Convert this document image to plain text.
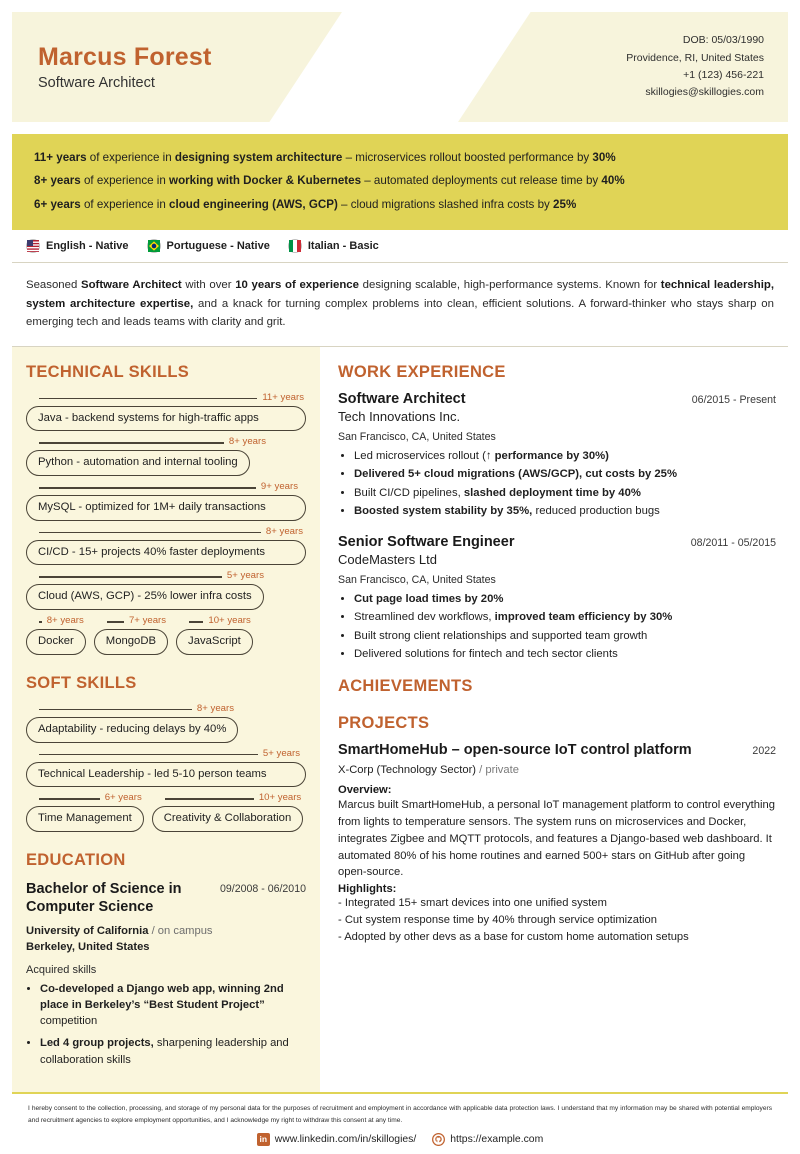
Marcus Forest
Software Architect
DOB: 05/03/1990
Providence, RI, United States
+1 (123) 456-221
skillogies@skillogies.com
11+ years of experience in designing system architecture – microservices rollout boosted performance by 30%
8+ years of experience in working with Docker & Kubernetes – automated deployments cut release time by 40%
6+ years of experience in cloud engineering (AWS, GCP) – cloud migrations slashed infra costs by 25%
English - Native	Portuguese - Native	Italian - Basic
Seasoned Software Architect with over 10 years of experience designing scalable, high-performance systems. Known for technical leadership, system architecture expertise, and a knack for turning complex problems into clean, efficient solutions. A forward-thinker who stays sharp on emerging tech and leads teams with clarity and grit.
TECHNICAL SKILLS
11+ years
Java - backend systems for high-traffic apps
8+ years
Python - automation and internal tooling
9+ years
MySQL - optimized for 1M+ daily transactions
8+ years
CI/CD - 15+ projects 40% faster deployments
5+ years
Cloud (AWS, GCP) - 25% lower infra costs
8+ years
Docker
7+ years
MongoDB
10+ years
JavaScript
SOFT SKILLS
8+ years
Adaptability - reducing delays by 40%
5+ years
Technical Leadership - led 5-10 person teams
6+ years
Time Management
10+ years
Creativity & Collaboration
EDUCATION
Bachelor of Science in Computer Science
09/2008 - 06/2010
University of California / on campus
Berkeley, United States
Acquired skills
• Co-developed a Django web app, winning 2nd place in Berkeley’s “Best Student Project” competition
• Led 4 group projects, sharpening leadership and collaboration skills
WORK EXPERIENCE
Software Architect	06/2015 - Present
Tech Innovations Inc.
San Francisco, CA, United States
• Led microservices rollout (↑ performance by 30%)
• Delivered 5+ cloud migrations (AWS/GCP), cut costs by 25%
• Built CI/CD pipelines, slashed deployment time by 40%
• Boosted system stability by 35%, reduced production bugs
Senior Software Engineer	08/2011 - 05/2015
CodeMasters Ltd
San Francisco, CA, United States
• Cut page load times by 20%
• Streamlined dev workflows, improved team efficiency by 30%
• Built strong client relationships and supported team growth
• Delivered solutions for fintech and tech sector clients
ACHIEVEMENTS
PROJECTS
SmartHomeHub – open-source IoT control platform	2022
X-Corp (Technology Sector) / private
Overview:
Marcus built SmartHomeHub, a personal IoT management platform to control everything from lights to temperature sensors. The system runs on microservices and Docker, integrates Zigbee and MQTT protocols, and features a Django-based web dashboard. It automated 80% of his home routines and earned 500+ stars on GitHub after going open-source.
Highlights:
- Integrated 15+ smart devices into one unified system
- Cut system response time by 40% through service optimization
- Adopted by other devs as a base for custom home automation setups
I hereby consent to the collection, processing, and storage of my personal data for the purposes of recruitment and employment in accordance with applicable data protection laws. I understand that my information may be shared with potential employers and recruitment agencies to explore employment opportunities, and I acknowledge my right to withdraw this consent at any time.
in www.linkedin.com/in/skillogies/	https://example.com
